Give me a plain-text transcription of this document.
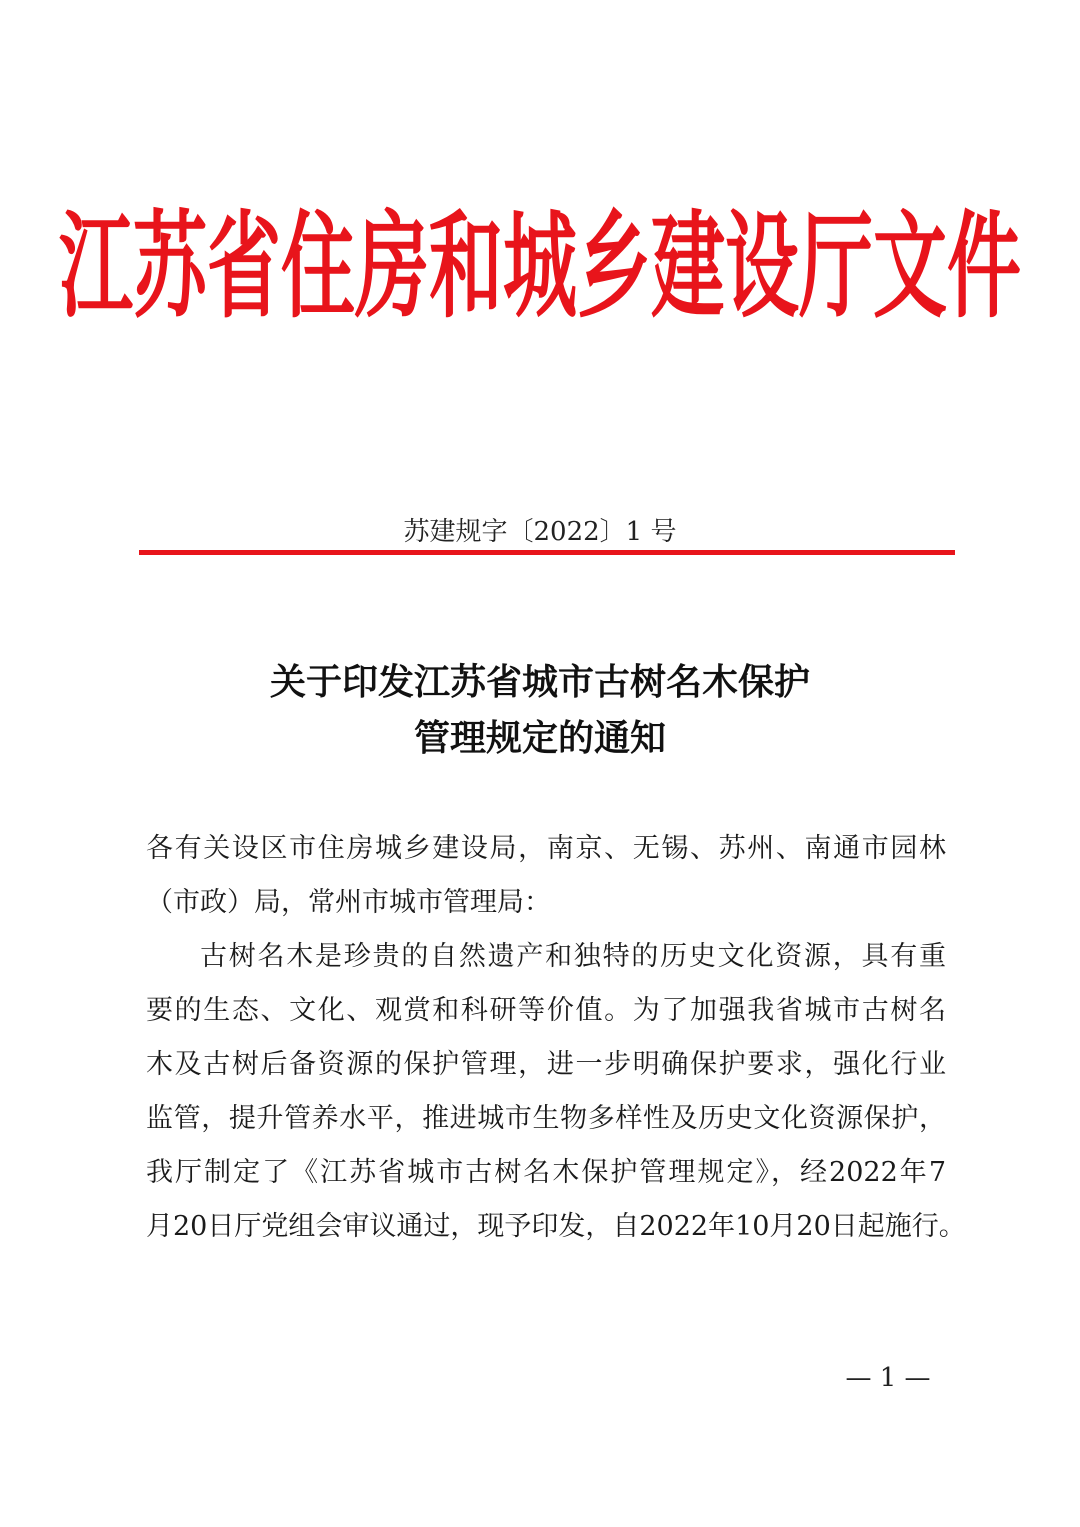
江苏省住房和城乡建设厅文件
苏建规字〔2022〕1 号
关于印发江苏省城市古树名木保护
管理规定的通知
各有关设区市住房城乡建设局，南京、无锡、苏州、南通市园林
（市政）局，常州市城市管理局：
古树名木是珍贵的自然遗产和独特的历史文化资源，具有重
要的生态、文化、观赏和科研等价值。为了加强我省城市古树名
木及古树后备资源的保护管理，进一步明确保护要求，强化行业
监管，提升管养水平，推进城市生物多样性及历史文化资源保护，
我厅制定了《江苏省城市古树名木保护管理规定》，经2022年7
月20日厅党组会审议通过，现予印发，自2022年10月20日起施行。
— 1 —
